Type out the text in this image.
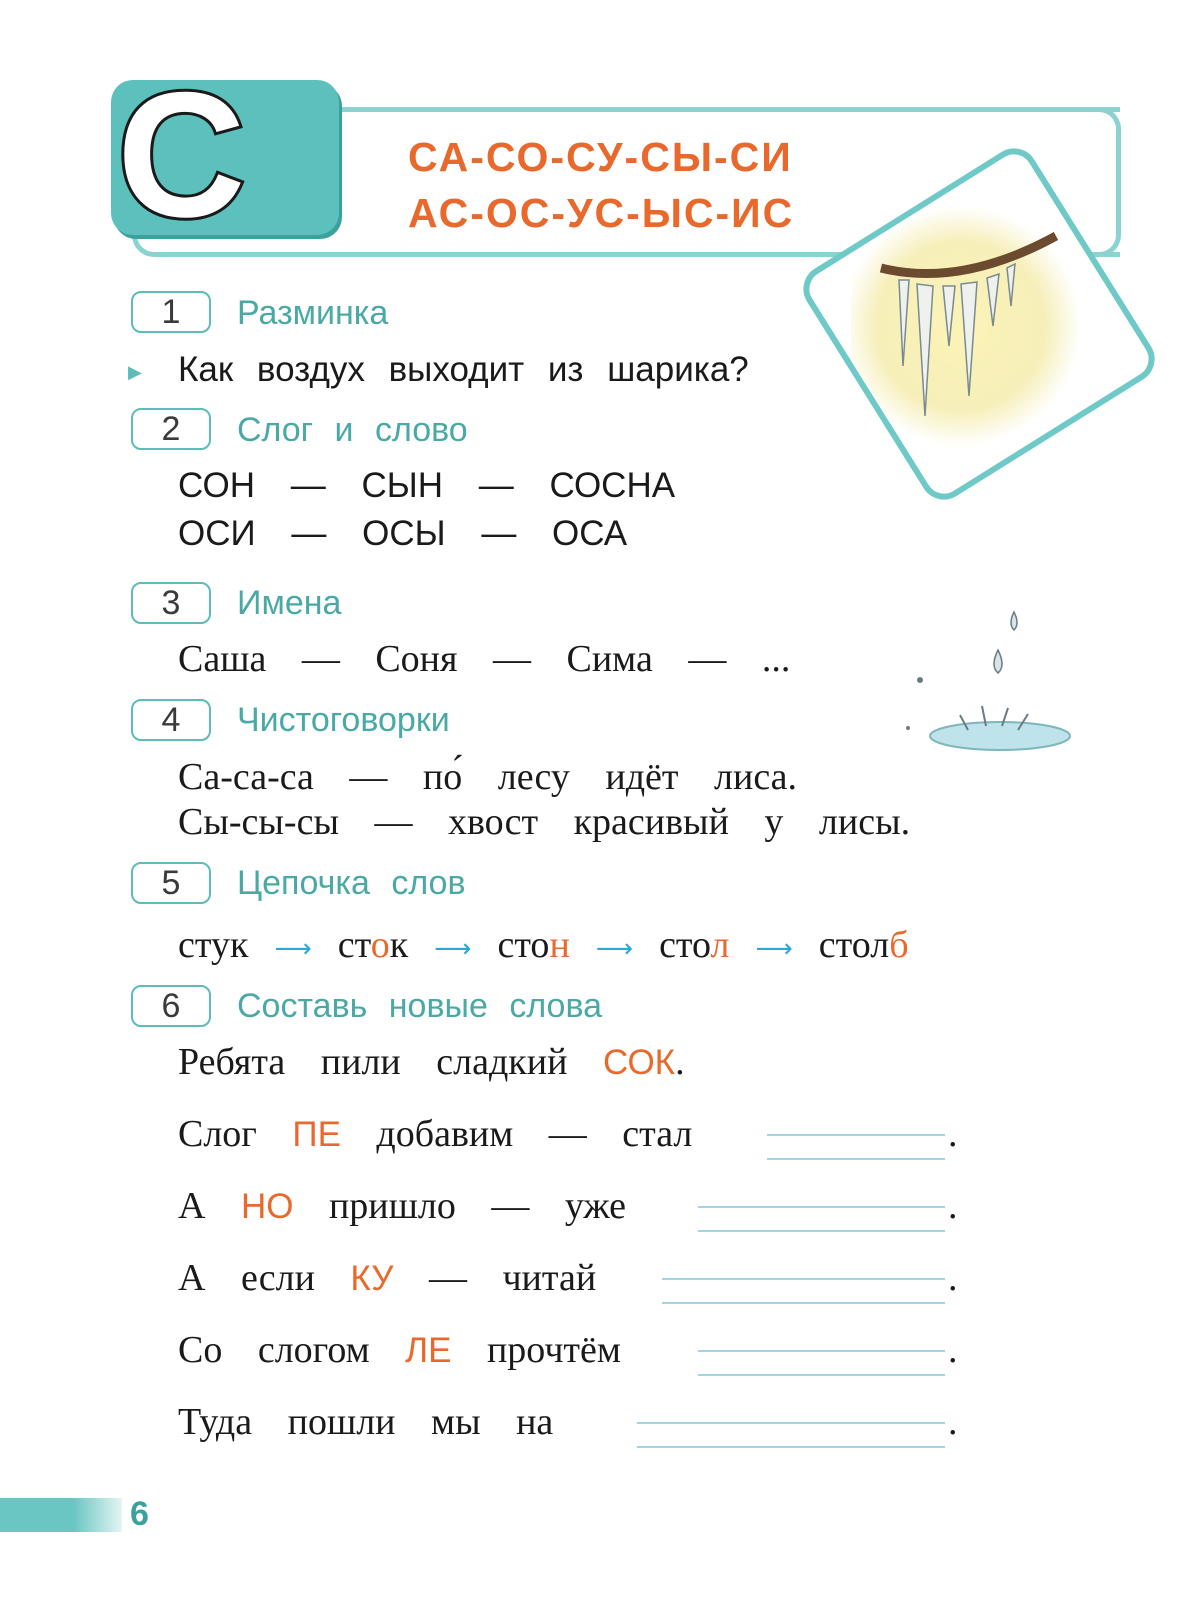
С	СА-СО-СУ-СЫ-СИ
АС-ОС-УС-ЫС-ИС
1	Разминка
▶ Как воздух выходит из шарика?
2	Слог и слово
СОН — СЫН — СОСНА
ОСИ — ОСЫ — ОСА
3	Имена
Саша — Соня — Сима — ...
4	Чистоговорки
Са-са-са — по́ лесу идёт лиса.
Сы-сы-сы — хвост красивый у лисы.
5	Цепочка слов
стук ⟶ сток ⟶ стон ⟶ стол ⟶ столб
6	Составь новые слова
Ребята пили сладкий СОК.
Слог ПЕ добавим — стал	.
А НО пришло — уже	.
А если КУ — читай	.
Со слогом ЛЕ прочтём	.
Туда пошли мы на	.
6
